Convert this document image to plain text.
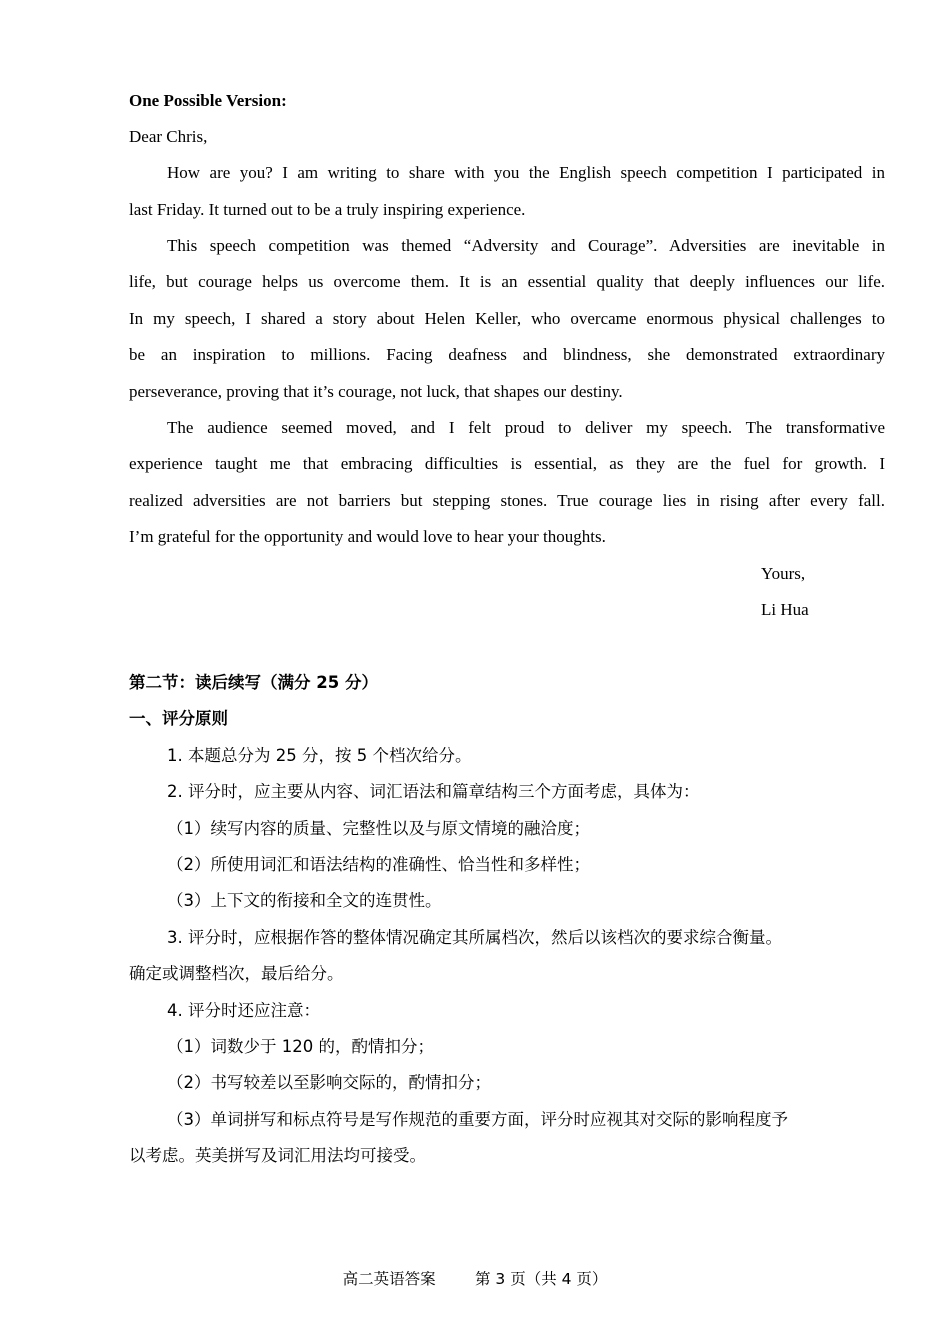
One Possible Version:
Dear Chris,
How are you? I am writing to share with you the English speech competition I participated in
last Friday. It turned out to be a truly inspiring experience.
This speech competition was themed “Adversity and Courage”. Adversities are inevitable in
life, but courage helps us overcome them. It is an essential quality that deeply influences our life.
In my speech, I shared a story about Helen Keller, who overcame enormous physical challenges to
be an inspiration to millions. Facing deafness and blindness, she demonstrated extraordinary
perseverance, proving that it’s courage, not luck, that shapes our destiny.
The audience seemed moved, and I felt proud to deliver my speech. The transformative
experience taught me that embracing difficulties is essential, as they are the fuel for growth. I
realized adversities are not barriers but stepping stones. True courage lies in rising after every fall.
I’m grateful for the opportunity and would love to hear your thoughts.
Yours,
Li Hua
第二节：读后续写（满分 25 分）
一、评分原则
1. 本题总分为 25 分，按 5 个档次给分。
2. 评分时，应主要从内容、词汇语法和篇章结构三个方面考虑，具体为：
（1）续写内容的质量、完整性以及与原文情境的融洽度；
（2）所使用词汇和语法结构的准确性、恰当性和多样性；
（3）上下文的衔接和全文的连贯性。
3. 评分时，应根据作答的整体情况确定其所属档次，然后以该档次的要求综合衡量。
确定或调整档次，最后给分。
4. 评分时还应注意：
（1）词数少于 120 的，酌情扣分；
（2）书写较差以至影响交际的，酌情扣分；
（3）单词拼写和标点符号是写作规范的重要方面，评分时应视其对交际的影响程度予
以考虑。英美拼写及词汇用法均可接受。
高二英语答案	第 3 页（共 4 页）
